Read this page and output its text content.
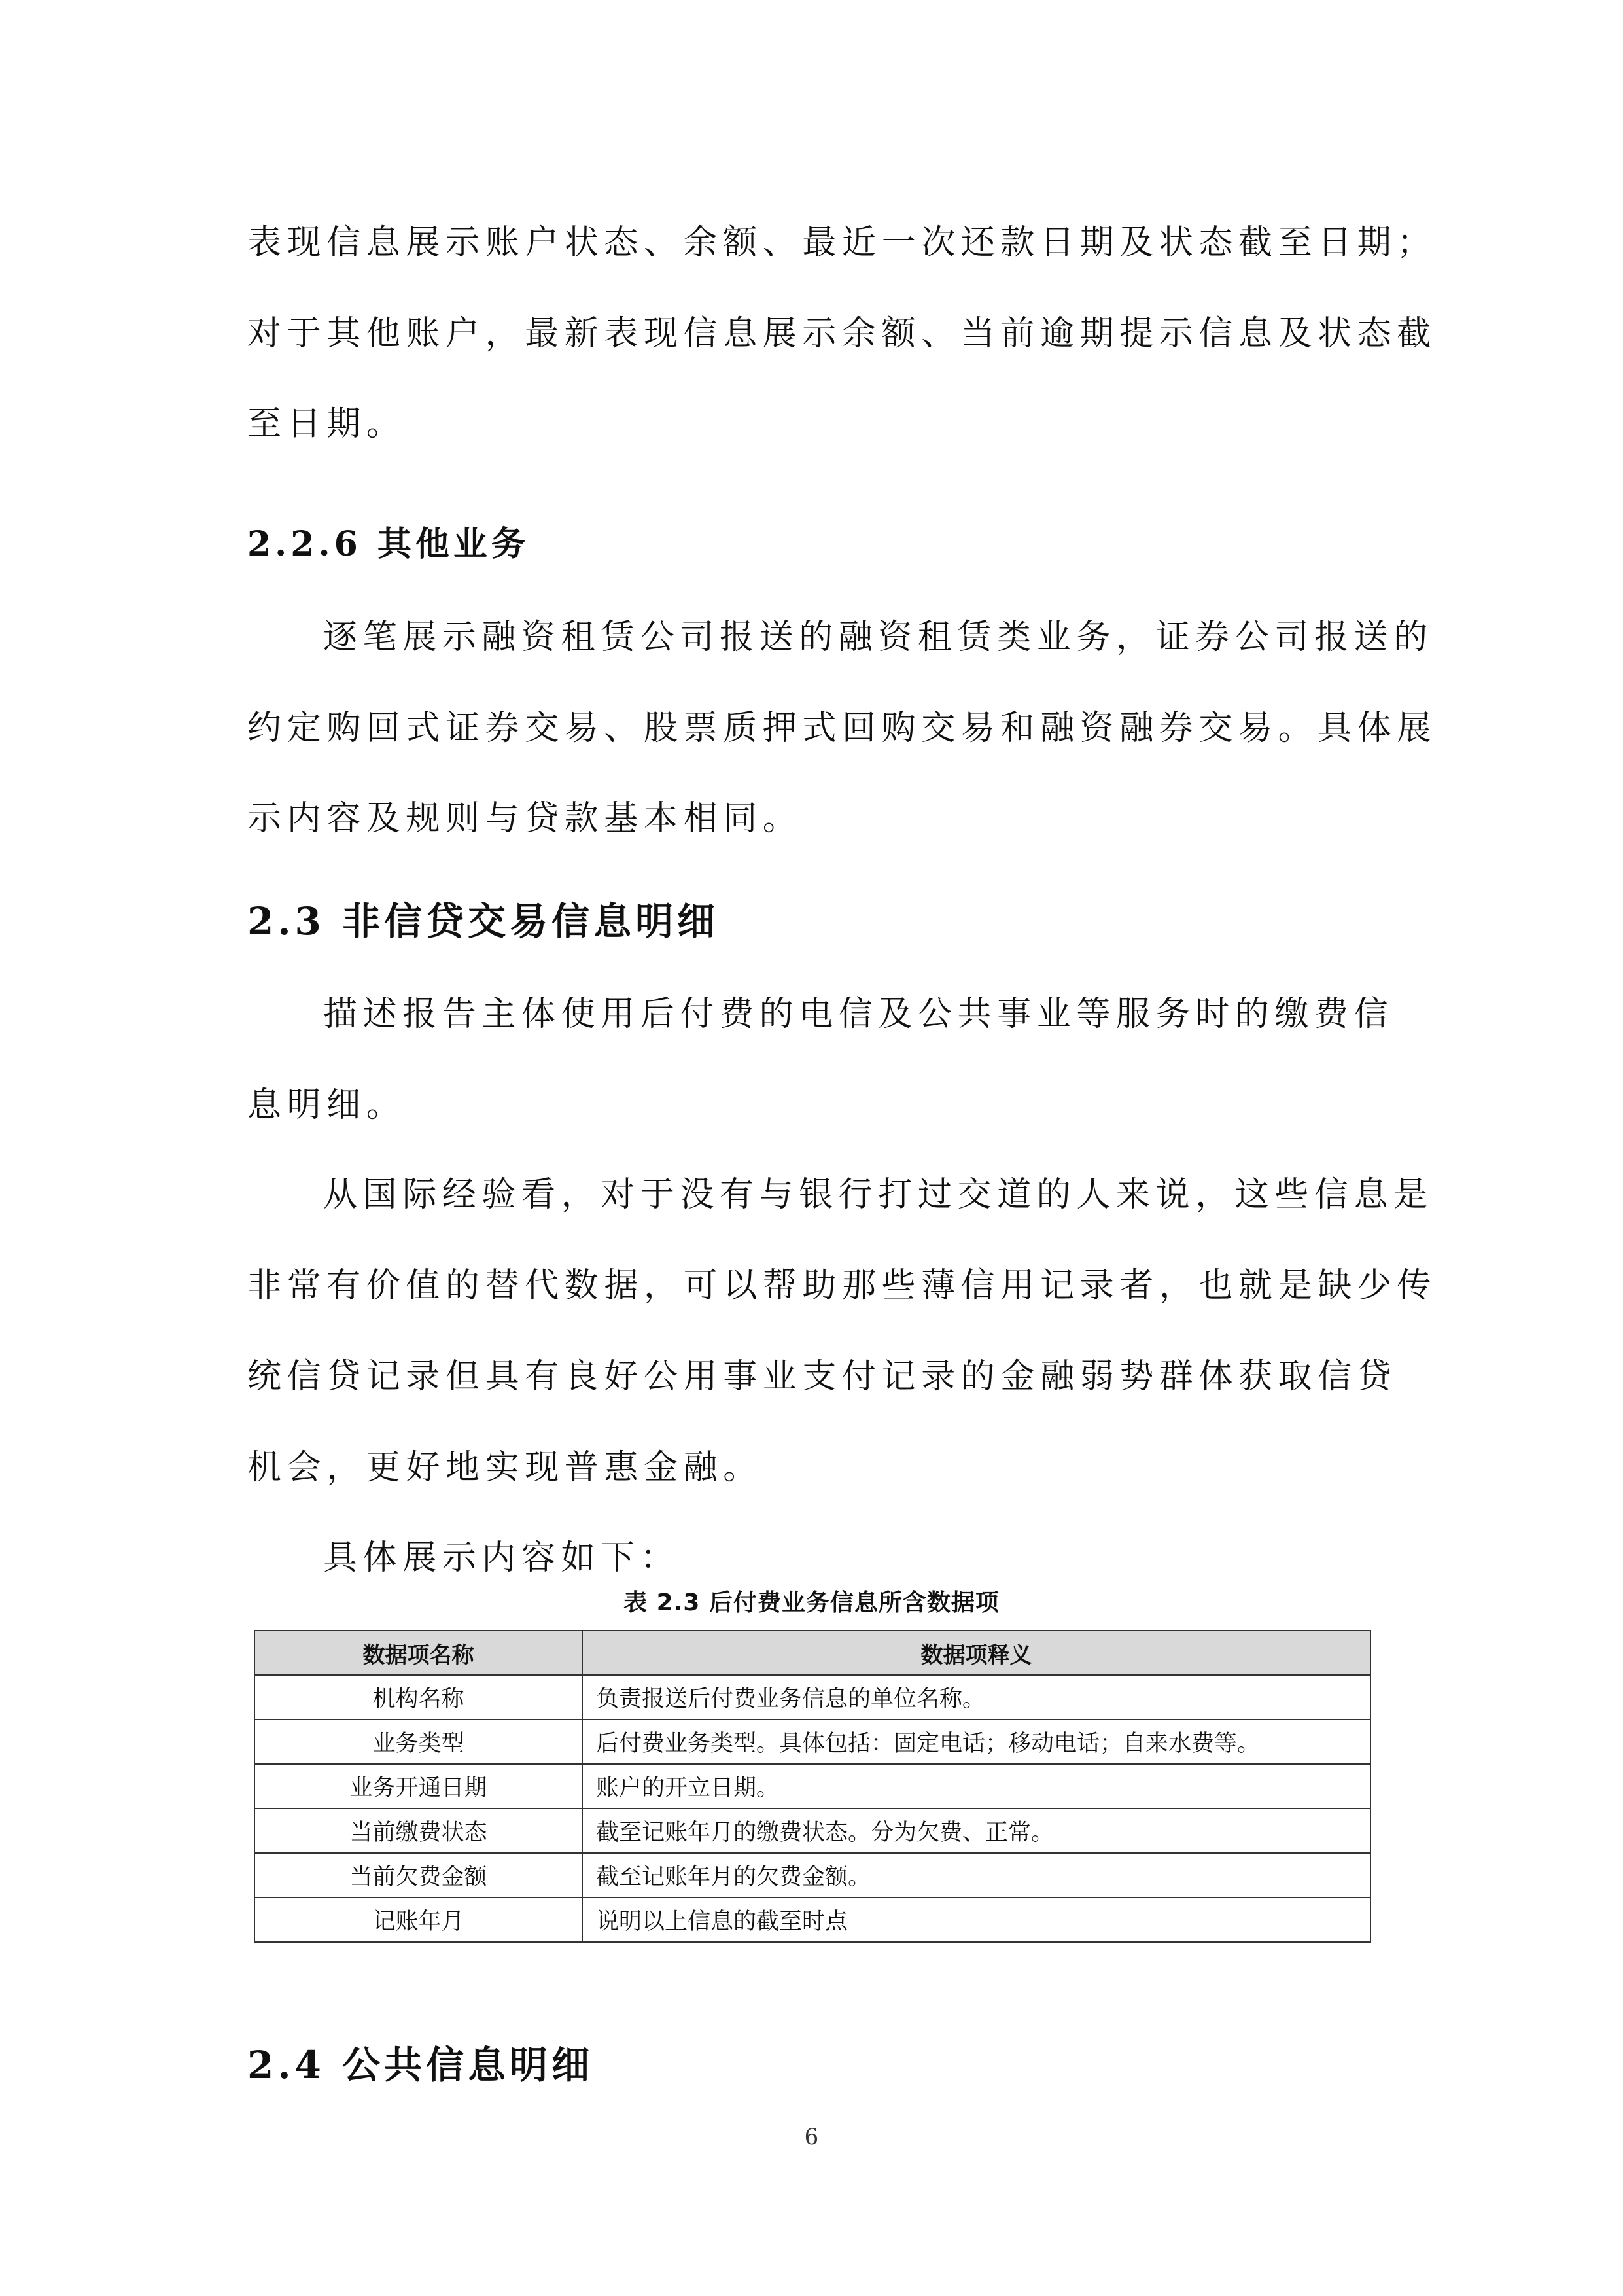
表现信息展示账户状态、余额、最近一次还款日期及状态截至日期；
对于其他账户，最新表现信息展示余额、当前逾期提示信息及状态截
至日期。
2.2.6 其他业务
逐笔展示融资租赁公司报送的融资租赁类业务，证券公司报送的
约定购回式证券交易、股票质押式回购交易和融资融券交易。具体展
示内容及规则与贷款基本相同。
2.3 非信贷交易信息明细
描述报告主体使用后付费的电信及公共事业等服务时的缴费信
息明细。
从国际经验看，对于没有与银行打过交道的人来说，这些信息是
非常有价值的替代数据，可以帮助那些薄信用记录者，也就是缺少传
统信贷记录但具有良好公用事业支付记录的金融弱势群体获取信贷
机会，更好地实现普惠金融。
具体展示内容如下：
表 2.3 后付费业务信息所含数据项
数据项名称	数据项释义
机构名称	负责报送后付费业务信息的单位名称。
业务类型	后付费业务类型。具体包括：固定电话；移动电话；自来水费等。
业务开通日期	账户的开立日期。
当前缴费状态	截至记账年月的缴费状态。分为欠费、正常。
当前欠费金额	截至记账年月的欠费金额。
记账年月	说明以上信息的截至时点
2.4 公共信息明细
6
